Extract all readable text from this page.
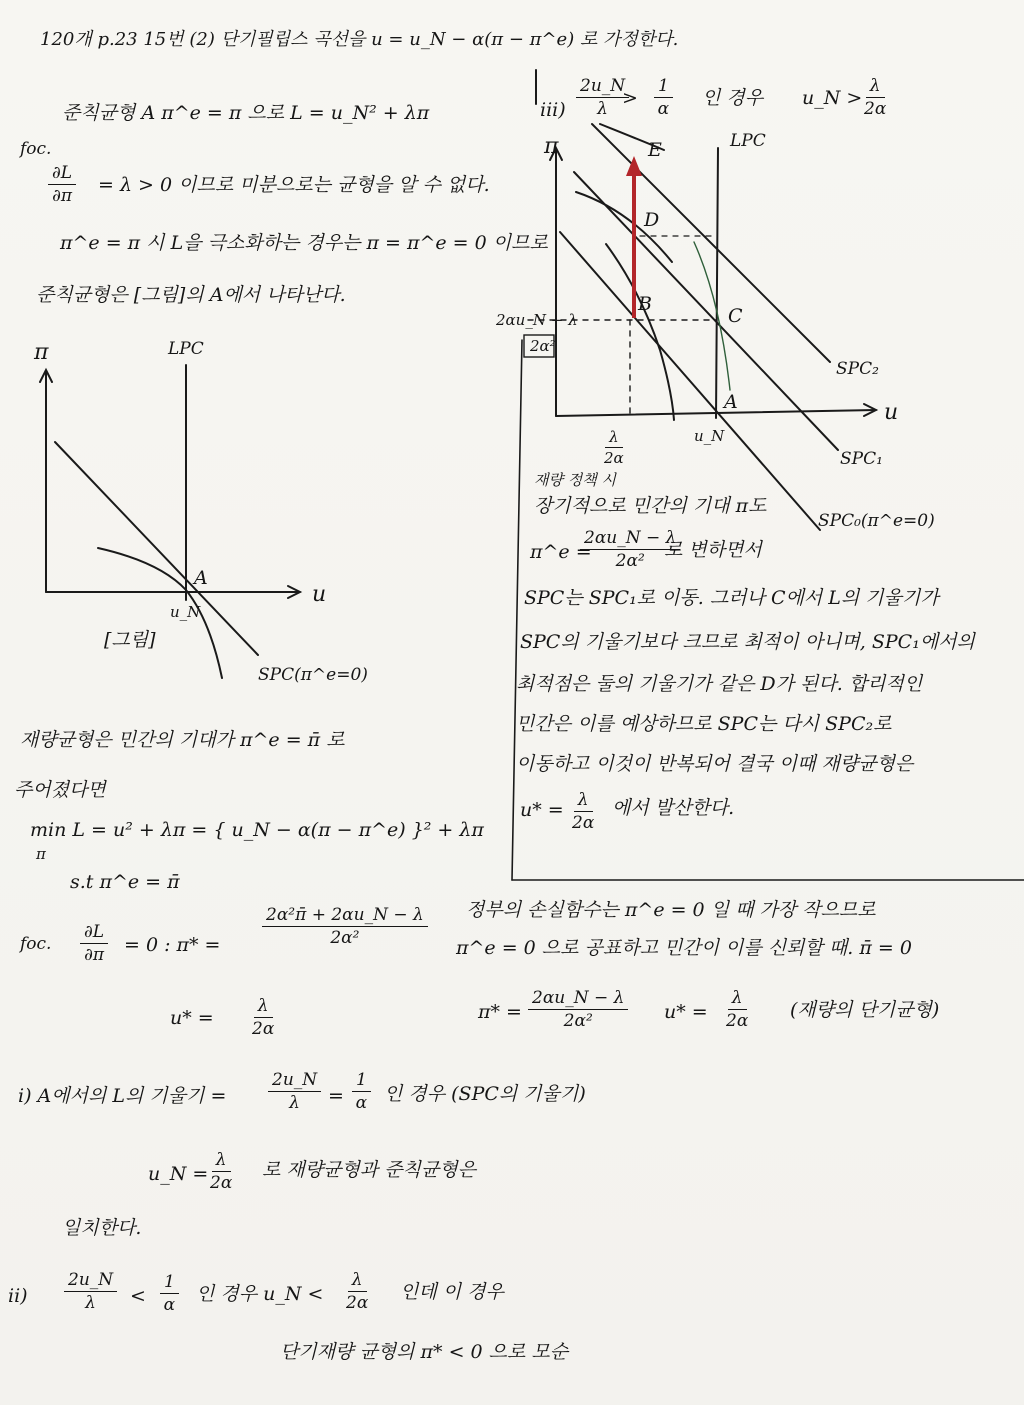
120개 p.23 15번 (2) 단기필립스 곡선을 u = u_N − α(π − π^e) 로 가정한다.
준칙균형 A π^e = π 으로 L = u_N² + λπ
foc.
$\frac{\partial L}{\partial\pi} = \lambda > 0$ 이므로 미분으로는 균형을 알 수 없다.
π^e = π 시 L을 극소화하는 경우는 π = π^e = 0 이므로
준칙균형은 [그림]의 A에서 나타난다.
π	LPC
u
A
u_N
[그림]
SPC(π^e=0)
재량균형은 민간의 기대가 π^e = π̄ 로
주어졌다면
min L = u² + λπ = { u_N − α(π − π^e) }² + λπ
π
s.t π^e = π̄
foc. $\frac{\partial L}{\partial\pi} = 0$ : $\pi* = \frac{\text{2α²π̄ + 2αu\_N − λ}}{\text{2α²}}$
$u* = \frac{\lambda}{2\alpha}$
정부의 손실함수는 π^e = 0 일 때 가장 작으므로
π^e = 0 으로 공표하고 민간이 이를 신뢰할 때. π̄ = 0
$\pi* = \frac{2\alpha u\_N - \lambda}{\text{2α²}} u* = \frac{\lambda}{2\alpha}$ (재량의 단기균형)
i) A에서의 L의 기울기 = $\frac{2u\_N}{\lambda} = \frac{1}{\alpha}$ 인 경우 (SPC의 기울기)
u_N = $\frac{\lambda}{2\alpha}$ 로 재량균형과 준칙균형은
일치한다.
$ii) \frac{2u\_N}{\lambda} < \frac{1}{\alpha}$ 인 경우 u_N < $\frac{\lambda}{2\alpha}$ 인데 이 경우
단기재량 균형의 π* < 0 으로 모순
$iii) \frac{2u\_N}{\lambda}$
> $\frac{1}{\alpha}$ 인 경우 u_N > $\frac{\lambda}{2\alpha}$
π	LPC
E
D
B
C
A
2αu_N − λ
2α²
$\frac{\lambda}{2\alpha}$	u_N
u
SPC₂
SPC₁
SPC₀(π^e=0)
재량 정책 시
장기적으로 민간의 기대 π도
π^e =
$\frac{2\alpha u\_N - \lambda}{\text{2α²}}$
로 변하면서
SPC는 SPC₁로 이동. 그러나 C에서 L의 기울기가
SPC의 기울기보다 크므로 최적이 아니며, SPC₁에서의
최적점은 둘의 기울기가 같은 D가 된다. 합리적인
민간은 이를 예상하므로 SPC는 다시 SPC₂로
이동하고 이것이 반복되어 결국 이때 재량균형은
$u* = \frac{\lambda}{2\alpha}$ 에서 발산한다.
